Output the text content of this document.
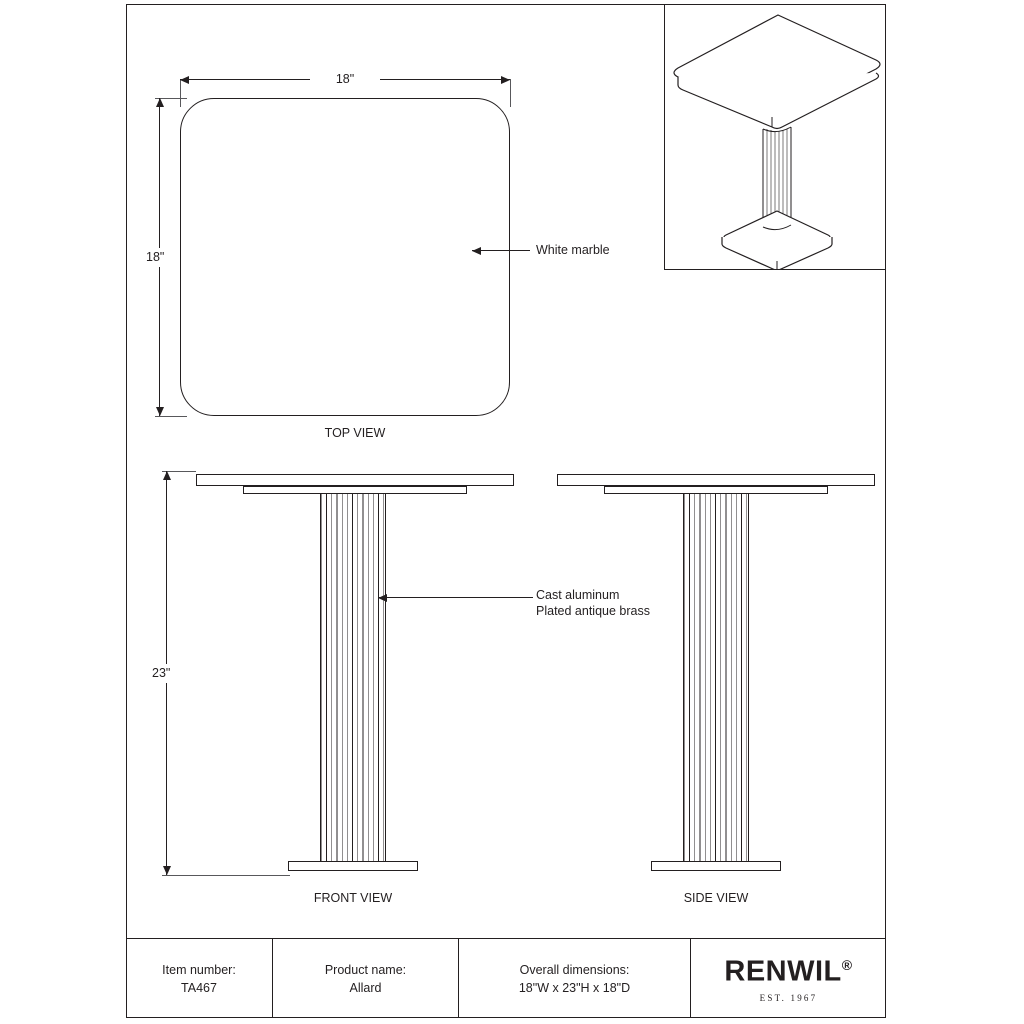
18"
18"	White marble
TOP VIEW
23"
Cast aluminum
Plated antique brass
FRONT VIEW	SIDE VIEW
Item number:
TA467
Product name:
Allard
Overall dimensions:
18"W x 23"H x 18"D	RENWIL®
EST. 1967
